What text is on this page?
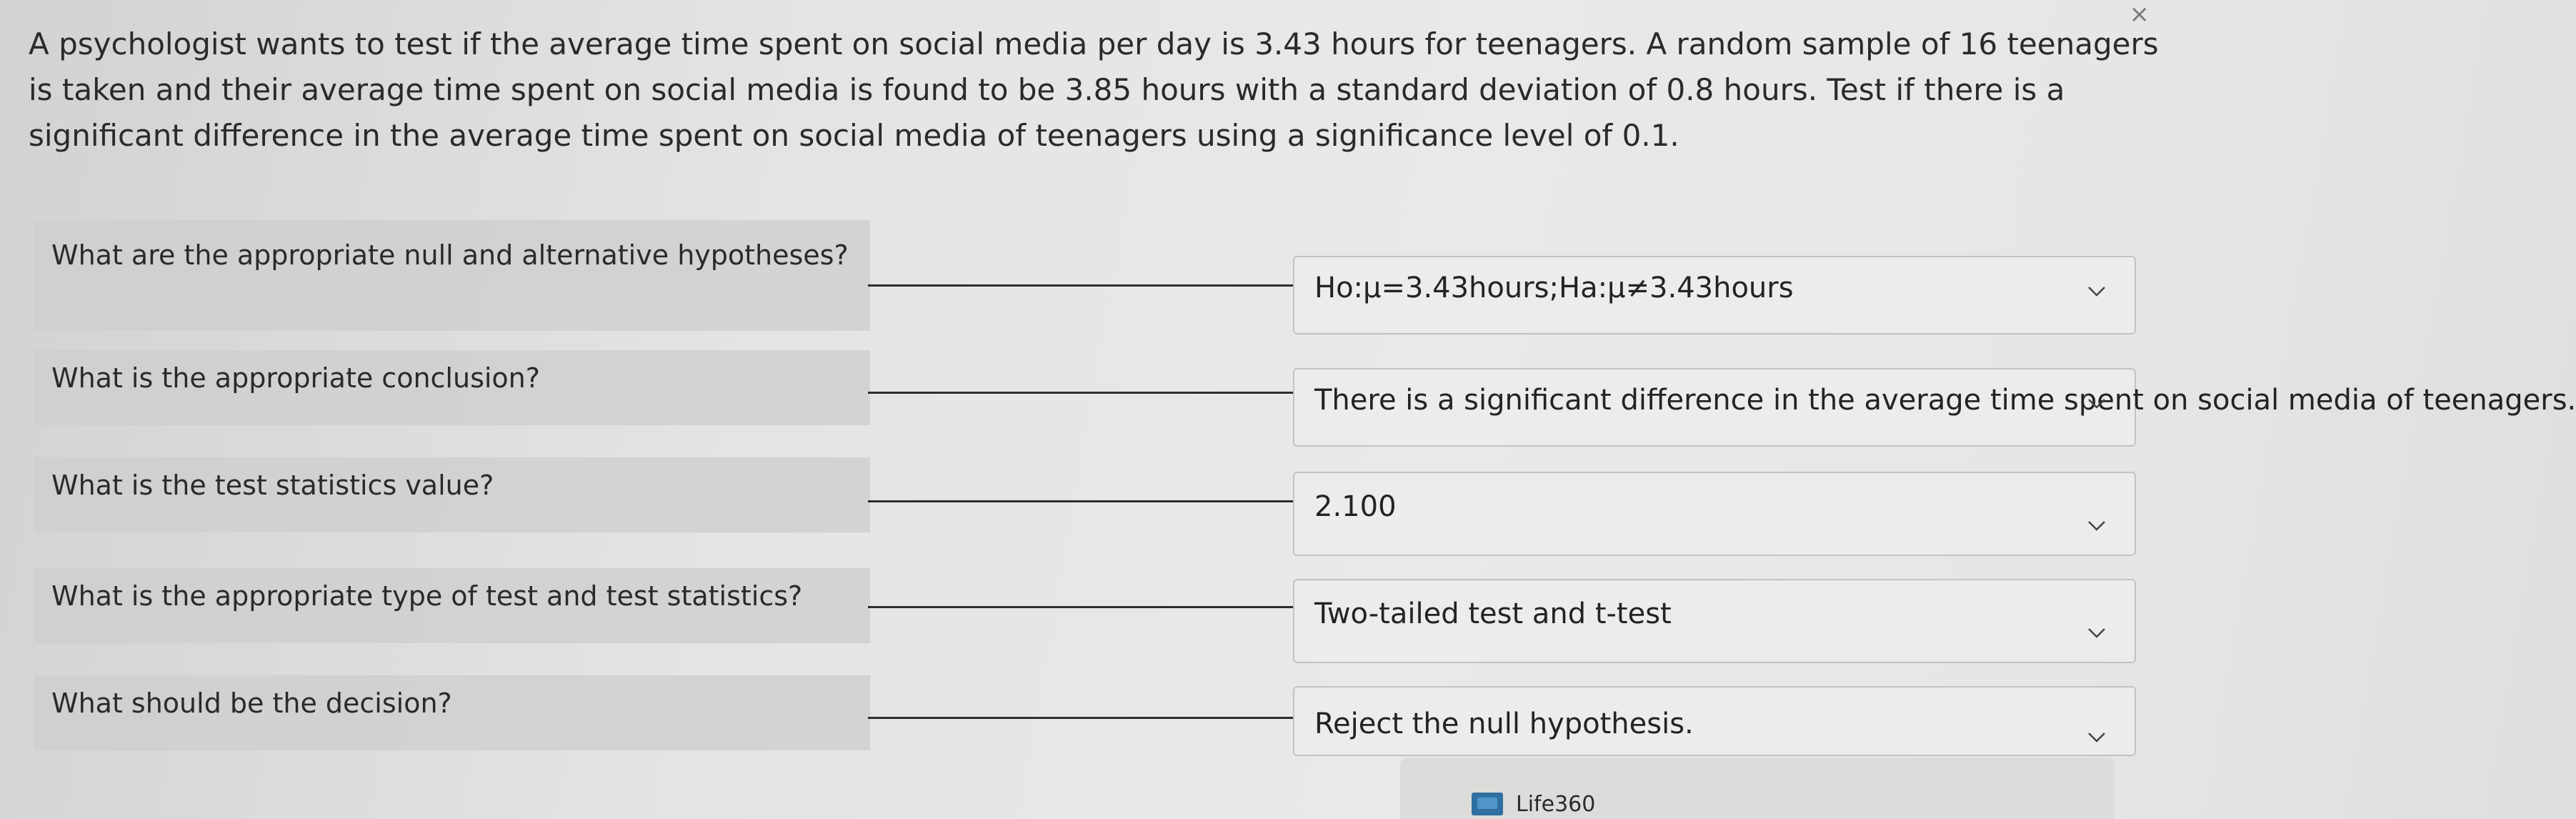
×

A psychologist wants to test if the average time spent on social media per day is 3.43 hours for teenagers. A random sample of 16 teenagers is taken and their average time spent on social media is found to be 3.85 hours with a standard deviation of 0.8 hours. Test if there is a significant difference in the average time spent on social media of teenagers using a significance level of 0.1.

What are the appropriate null and alternative hypotheses?
Ho:μ=3.43hours;Ha:μ≠3.43hours
What is the appropriate conclusion?
There is a significant difference in the average time spent on social media of teenagers.
What is the test statistics value?
2.100
What is the appropriate type of test and test statistics?
Two-tailed test and t-test
What should be the decision?
Reject the null hypothesis.
Life360
